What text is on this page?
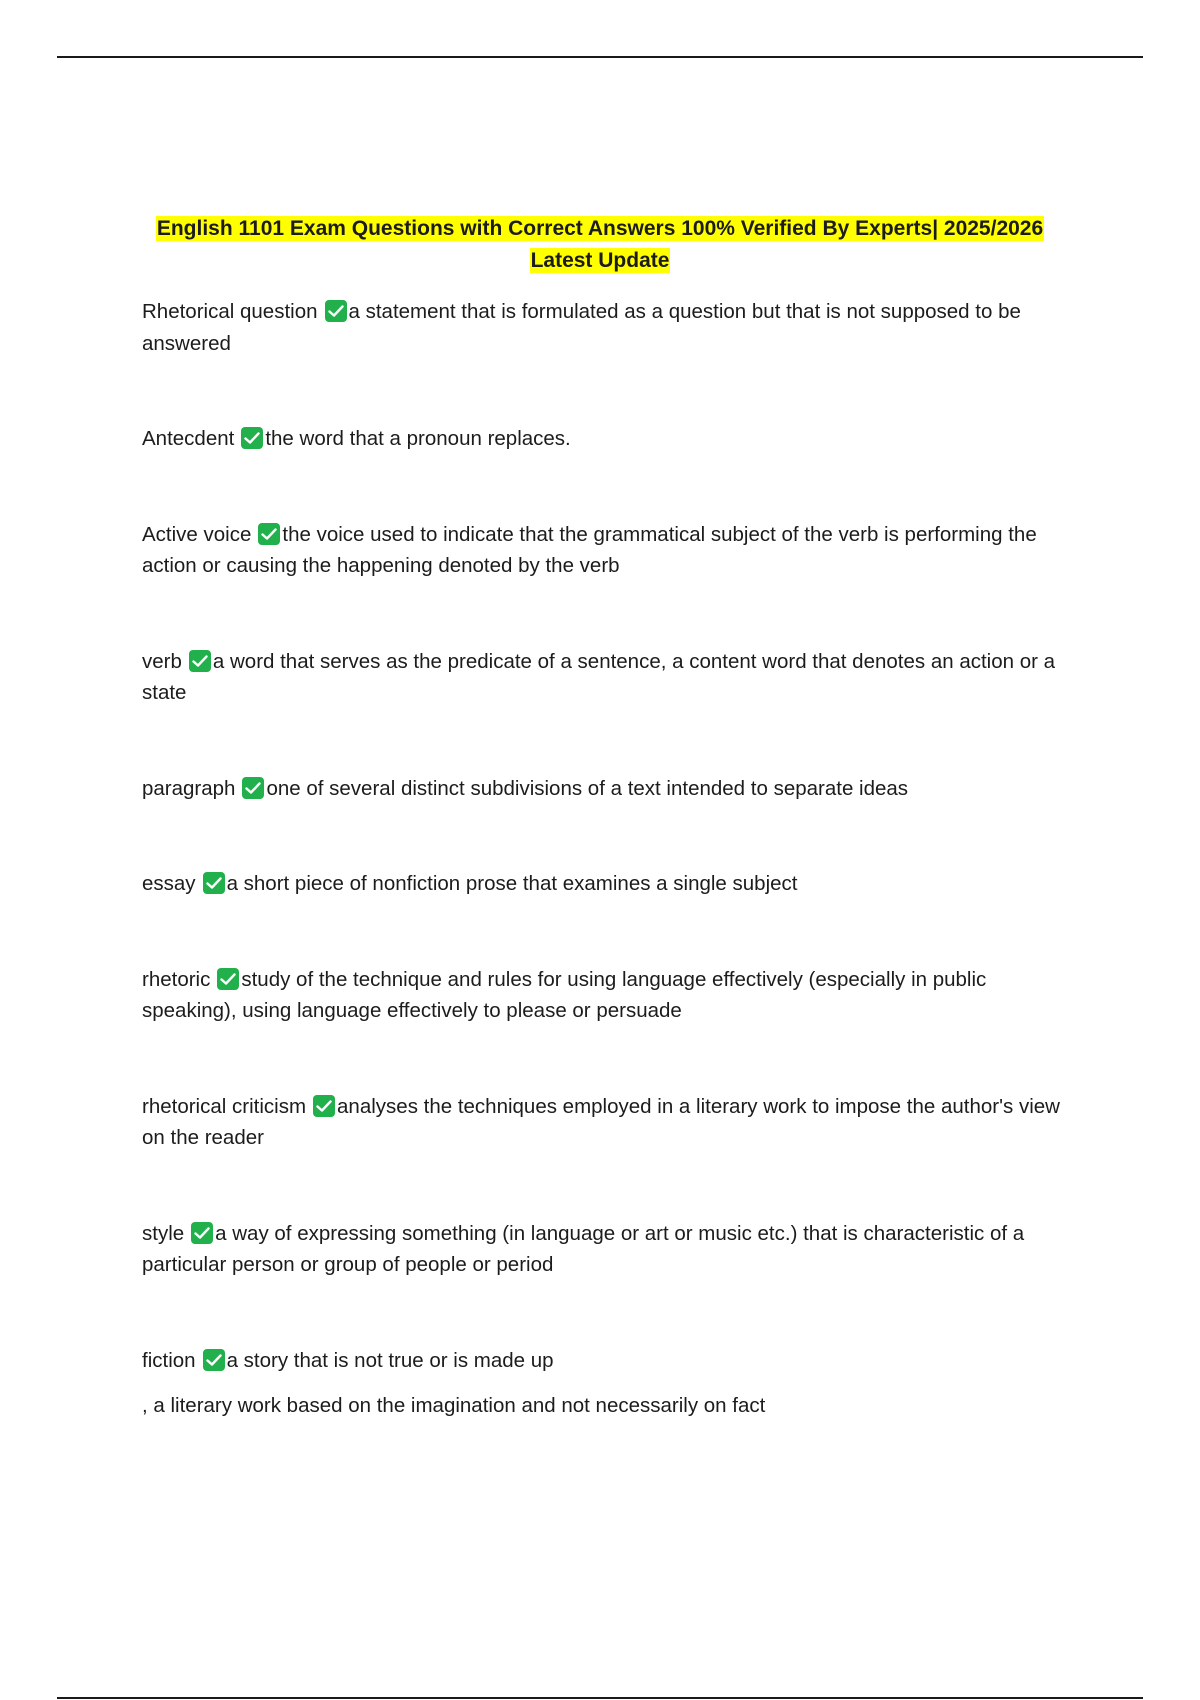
English 1101 Exam Questions with Correct Answers 100% Verified By Experts| 2025/2026
Latest Update
Rhetorical question a statement that is formulated as a question but that is not supposed to be answered
Antecdent the word that a pronoun replaces.
Active voice the voice used to indicate that the grammatical subject of the verb is performing the action or causing the happening denoted by the verb
verb a word that serves as the predicate of a sentence, a content word that denotes an action or a state
paragraph one of several distinct subdivisions of a text intended to separate ideas
essay a short piece of nonfiction prose that examines a single subject
rhetoric study of the technique and rules for using language effectively (especially in public speaking), using language effectively to please or persuade
rhetorical criticism analyses the techniques employed in a literary work to impose the author's view on the reader
style a way of expressing something (in language or art or music etc.) that is characteristic of a particular person or group of people or period
fiction a story that is not true or is made up
, a literary work based on the imagination and not necessarily on fact
